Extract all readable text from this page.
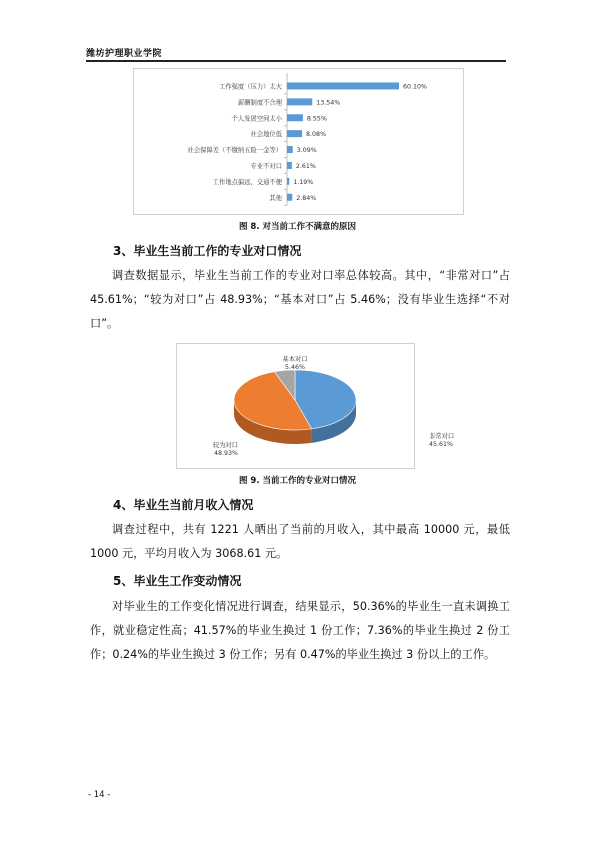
潍坊护理职业学院
工作强度（压力）太大	60.10%
薪酬制度不合理	13.54%
个人发展空间太小	8.55%
社会地位低	8.08%
社会保障差（不缴纳五险一金等） 3.09%
专业不对口 2.61%
工作地点偏远，交通不便 1.19%
其他 2.84%
图 8. 对当前工作不满意的原因
3、毕业生当前工作的专业对口情况

调查数据显示，毕业生当前工作的专业对口率总体较高。其中，“非常对口”占 45.61%；“较为对口”占 48.93%；“基本对口”占 5.46%；没有毕业生选择“不对口”。

非常对口
45.61%
较为对口
48.93%
基本对口
5.46%
图 9. 当前工作的专业对口情况
4、毕业生当前月收入情况

调查过程中，共有 1221 人晒出了当前的月收入，其中最高 10000 元，最低 1000 元，平均月收入为 3068.61 元。

5、毕业生工作变动情况

对毕业生的工作变化情况进行调查，结果显示，50.36%的毕业生一直未调换工作，就业稳定性高；41.57%的毕业生换过 1 份工作；7.36%的毕业生换过 2 份工作；0.24%的毕业生换过 3 份工作；另有 0.47%的毕业生换过 3 份以上的工作。

- 14 -
